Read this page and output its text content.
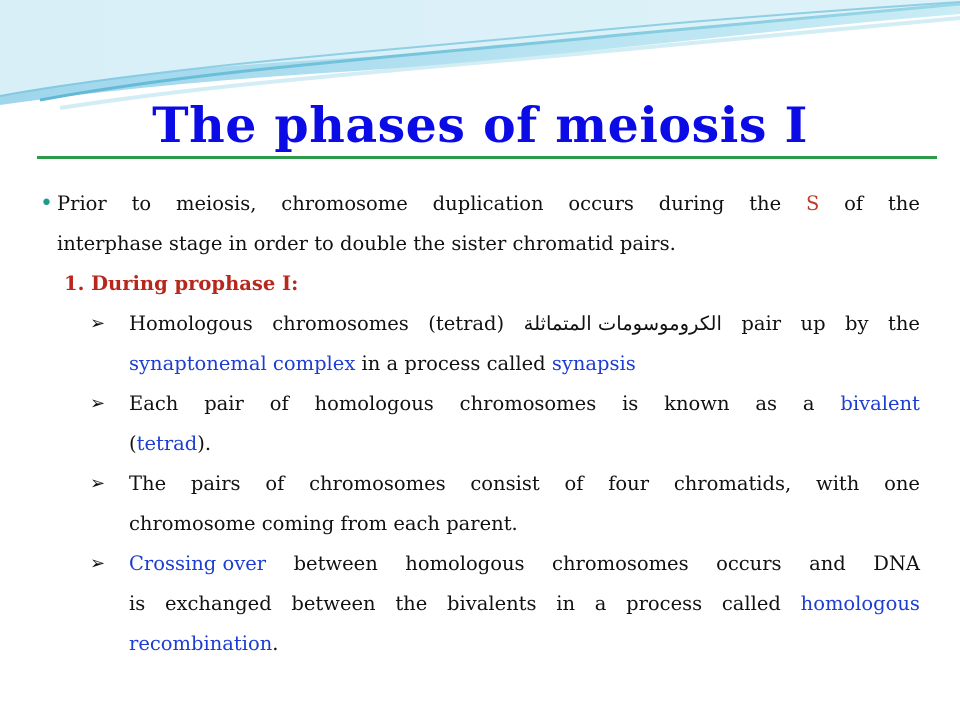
The phases of meiosis I
• Prior to meiosis, chromosome duplication occurs during the S of the
interphase stage in order to double the sister chromatid pairs.
1. During prophase I:
➢ Homologous chromosomes (tetrad) الكروموسومات المتماثلة pair up by the
synaptonemal complex in a process called synapsis
➢ Each pair of homologous chromosomes is known as a bivalent
(tetrad).
➢ The pairs of chromosomes consist of four chromatids, with one
chromosome coming from each parent.
➢ Crossing over between homologous chromosomes occurs and DNA
is exchanged between the bivalents in a process called homologous
recombination.
